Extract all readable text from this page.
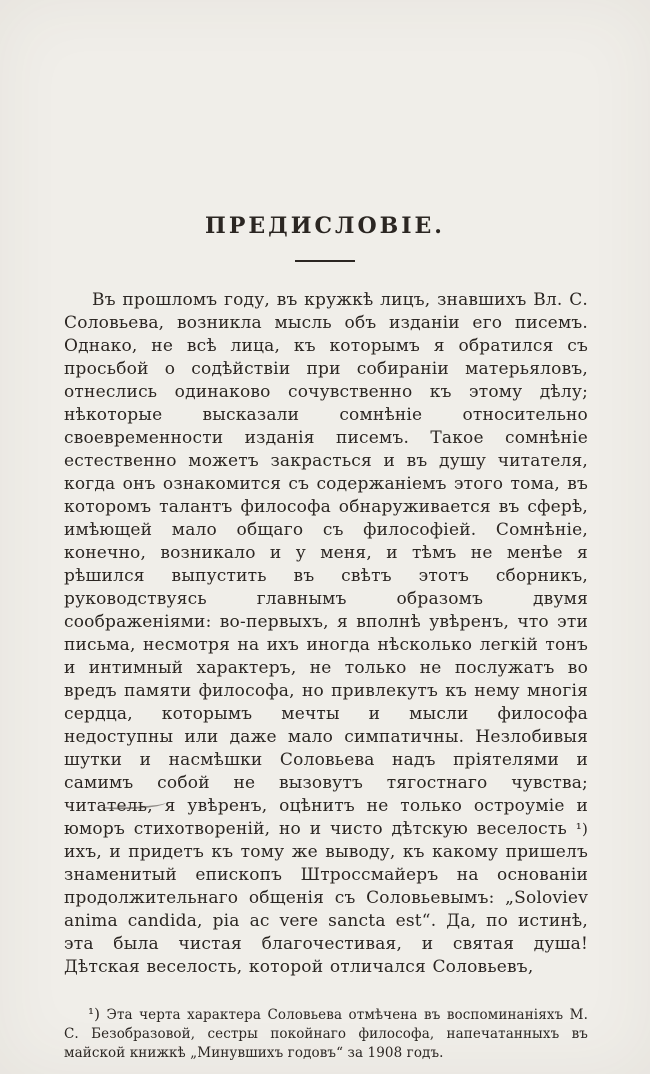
ПРЕДИСЛОВІЕ.

Въ прошломъ году, въ кружкѣ лицъ, знавшихъ Вл. С. Соловьева, возникла мысль объ изданіи его писемъ. Однако, не всѣ лица, къ которымъ я обратился съ просьбой о содѣйствіи при собираніи матерьяловъ, отнеслись одинаково сочувственно къ этому дѣлу; нѣкоторые высказали сомнѣніе относительно своевременности изданія писемъ. Такое сомнѣніе естественно можетъ закрасться и въ душу читателя, когда онъ ознакомится съ содержаніемъ этого тома, въ которомъ талантъ философа обнаруживается въ сферѣ, имѣющей мало общаго съ философіей. Сомнѣніе, конечно, возникало и у меня, и тѣмъ не менѣе я рѣшился выпустить въ свѣтъ этотъ сборникъ, руководствуясь главнымъ образомъ двумя соображеніями: во-первыхъ, я вполнѣ увѣренъ, что эти письма, несмотря на ихъ иногда нѣсколько легкій тонъ и интимный характеръ, не только не послужатъ во вредъ памяти философа, но привлекутъ къ нему многія сердца, которымъ мечты и мысли философа недоступны или даже мало симпатичны. Незлобивыя шутки и насмѣшки Соловьева надъ пріятелями и самимъ собой не вызовутъ тягостнаго чувства; читатель, я увѣренъ, оцѣнитъ не только остроуміе и юморъ стихотвореній, но и чисто дѣтскую веселость ¹) ихъ, и придетъ къ тому же выводу, къ какому пришелъ знаменитый епископъ Штроссмайеръ на основаніи продолжительнаго общенія съ Соловьевымъ: „Soloviev anima candida, pia ac vere sancta est“. Да, по истинѣ, эта была чистая благочестивая, и святая душа! Дѣтская веселость, которой отличался Соловьевъ,

¹) Эта черта характера Соловьева отмѣчена въ воспоминаніяхъ М. С. Безобразовой, сестры покойнаго философа, напечатанныхъ въ майской книжкѣ „Минувшихъ годовъ“ за 1908 годъ.
